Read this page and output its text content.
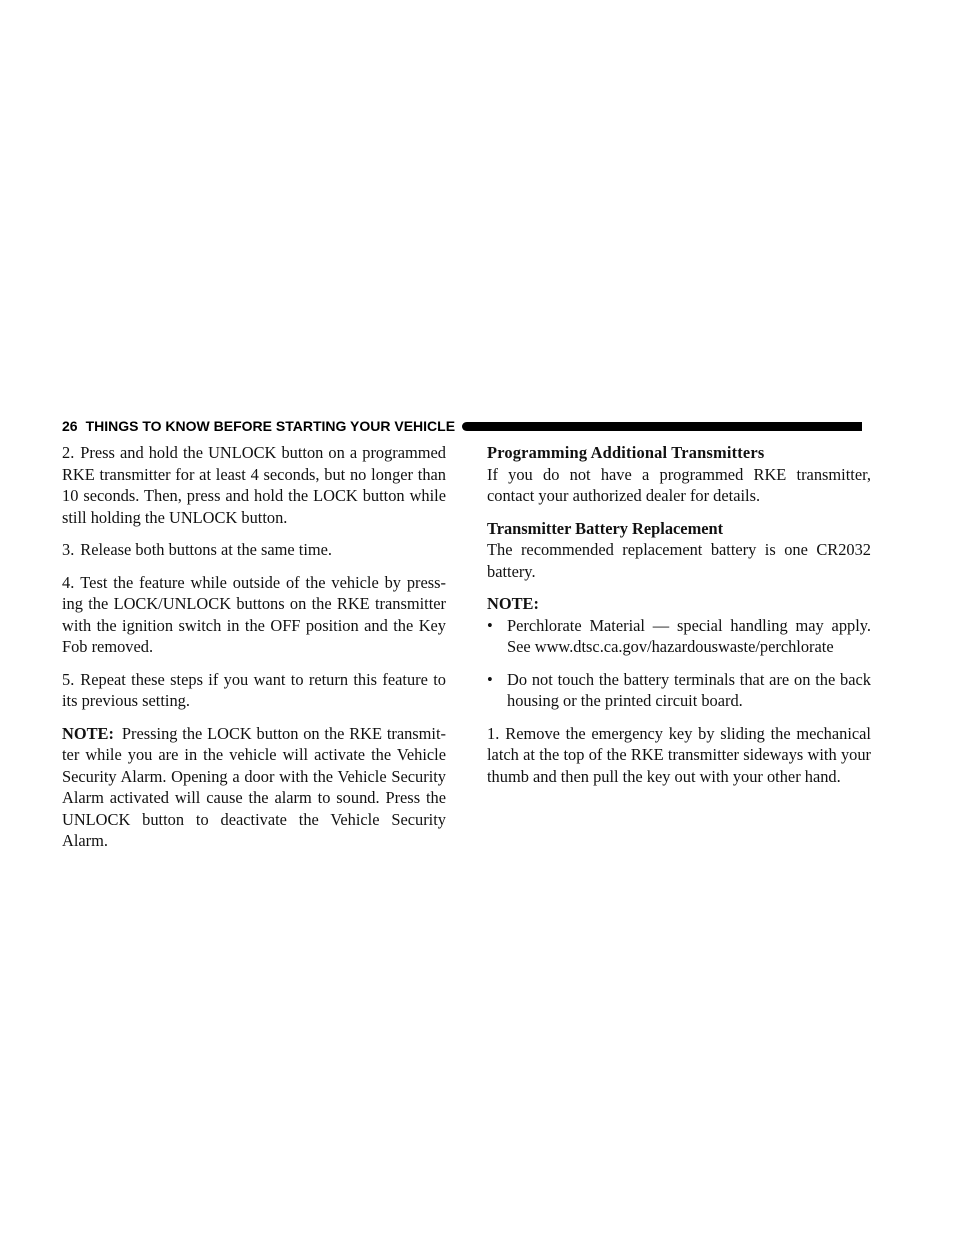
26 THINGS TO KNOW BEFORE STARTING YOUR VEHICLE

2. Press and hold the UNLOCK button on a programmed RKE transmitter for at least 4 seconds, but no longer than 10 seconds. Then, press and hold the LOCK button while still holding the UNLOCK button.

3. Release both buttons at the same time.

4. Test the feature while outside of the vehicle by press-ing the LOCK/UNLOCK buttons on the RKE transmitter with the ignition switch in the OFF position and the Key Fob removed.

5. Repeat these steps if you want to return this feature to its previous setting.

NOTE: Pressing the LOCK button on the RKE transmit-ter while you are in the vehicle will activate the Vehicle Security Alarm. Opening a door with the Vehicle Security Alarm activated will cause the alarm to sound. Press the UNLOCK button to deactivate the Vehicle Security Alarm.

Programming Additional Transmitters

If you do not have a programmed RKE transmitter, contact your authorized dealer for details.

Transmitter Battery Replacement

The recommended replacement battery is one CR2032 battery.

NOTE:
• Perchlorate Material — special handling may apply. See www.dtsc.ca.gov/hazardouswaste/perchlorate
• Do not touch the battery terminals that are on the back housing or the printed circuit board.

1. Remove the emergency key by sliding the mechanical latch at the top of the RKE transmitter sideways with your thumb and then pull the key out with your other hand.
